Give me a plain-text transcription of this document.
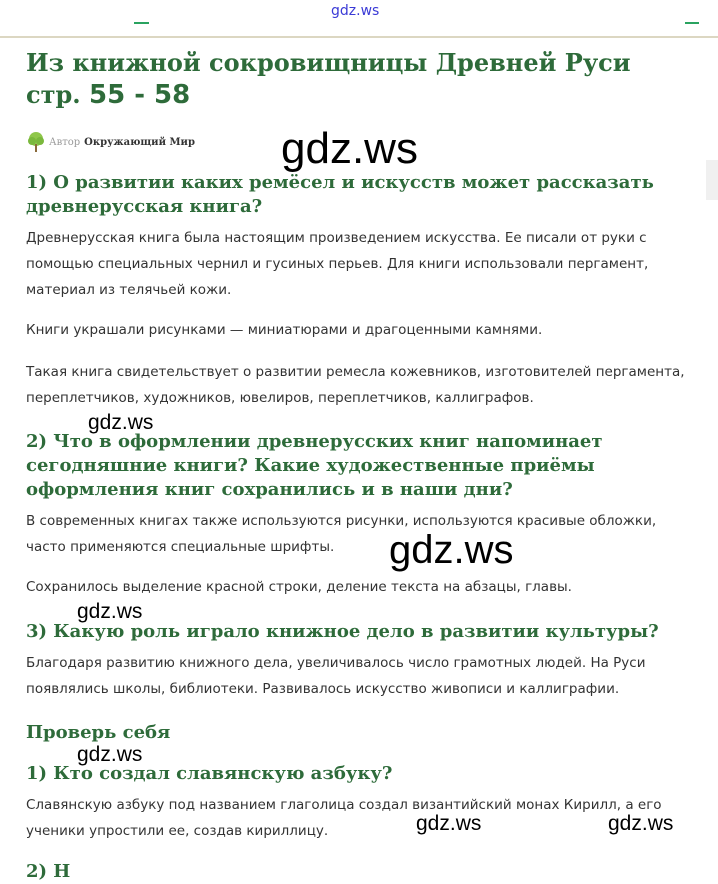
gdz.ws
Из книжной сокровищницы Древней Руси стр. 55 - 58
Автор Окружающий Мир
1) О развитии каких ремёсел и искусств может рассказать древнерусская книга?

Древнерусская книга была настоящим произведением искусства. Ее писали от руки с помощью специальных чернил и гусиных перьев. Для книги использовали пергамент, материал из телячьей кожи.

Книги украшали рисунками — миниатюрами и драгоценными камнями.

Такая книга свидетельствует о развитии ремесла кожевников, изготовителей пергамента, переплетчиков, художников, ювелиров, переплетчиков, каллиграфов.

2) Что в оформлении древнерусских книг напоминает сегодняшние книги? Какие художественные приёмы оформления книг сохранились и в наши дни?

В современных книгах также используются рисунки, используются красивые обложки, часто применяются специальные шрифты.

Сохранилось выделение красной строки, деление текста на абзацы, главы.

3) Какую роль играло книжное дело в развитии культуры?

Благодаря развитию книжного дела, увеличивалось число грамотных людей. На Руси появлялись школы, библиотеки. Развивалось искусство живописи и каллиграфии.

Проверь себя
1) Кто создал славянскую азбуку?

Славянскую азбуку под названием глаголица создал византийский монах Кирилл, а его ученики упростили ее, создав кириллицу.

2) Н
gdz.ws
gdz.ws
gdz.ws
gdz.ws
gdz.ws
gdz.ws	gdz.ws
